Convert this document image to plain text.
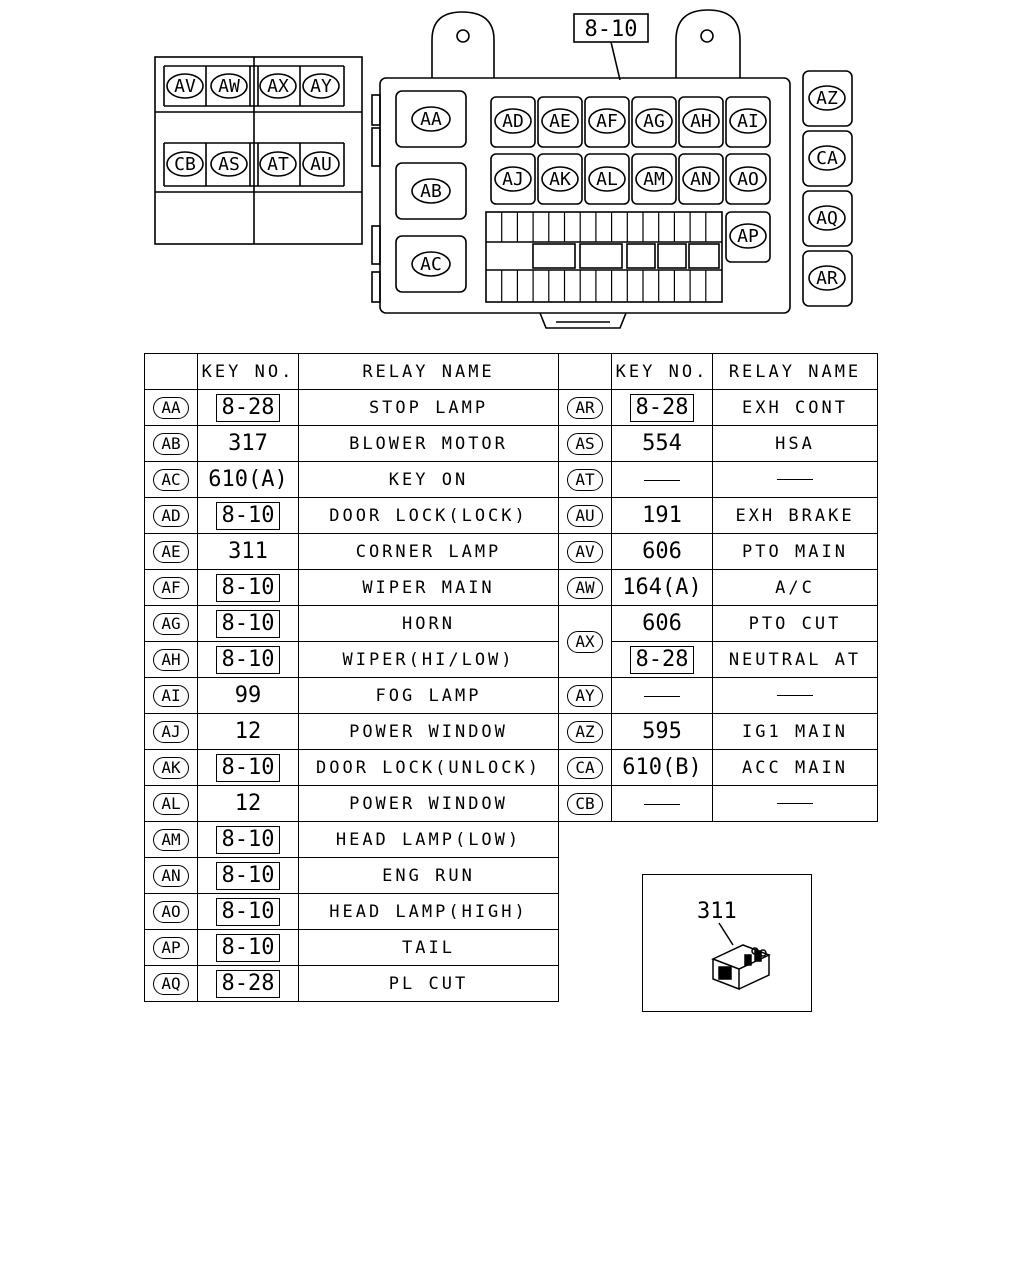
AV AW AX AY
CB AS AT AU
AA
AB
AC
AP
AZ
CA
AQ
AR
AD
AJ
AE
AK
AF
AL
AG
AM
AH
AN
AI
AO
8-10
	KEY NO.	RELAY NAME		KEY NO.	RELAY NAME
AA	8-28	STOP LAMP	AR	8-28	EXH CONT
AB	317	BLOWER MOTOR	AS	554	HSA
AC	610(A)	KEY ON	AT		
AD	8-10	DOOR LOCK(LOCK)	AU	191	EXH BRAKE
AE	311	CORNER LAMP	AV	606	PTO MAIN
AF	8-10	WIPER MAIN	AW	164(A)	A/C
AG	8-10	HORN	AX	606	PTO CUT
AH	8-10	WIPER(HI/LOW)		8-28	NEUTRAL AT
AI	99	FOG LAMP	AY		
AJ	12	POWER WINDOW	AZ	595	IG1 MAIN
AK	8-10	DOOR LOCK(UNLOCK)	CA	610(B)	ACC MAIN
AL	12	POWER WINDOW	CB		
AM	8-10	HEAD LAMP(LOW)			
AN	8-10	ENG RUN			
AO	8-10	HEAD LAMP(HIGH)			
AP	8-10	TAIL			
AQ	8-28	PL CUT			
311
